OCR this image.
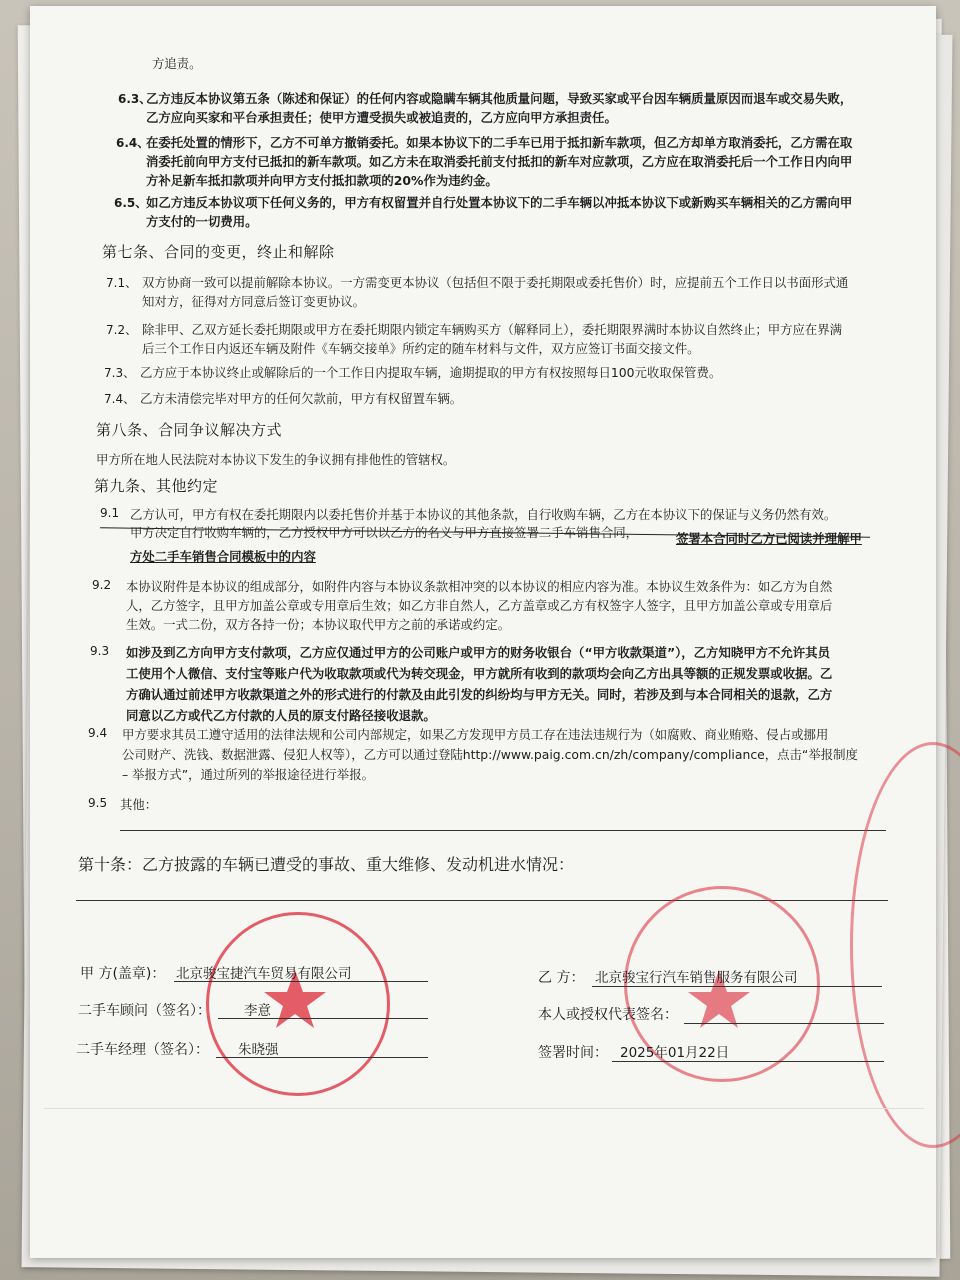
方追责。
6.3、
乙方违反本协议第五条（陈述和保证）的任何内容或隐瞒车辆其他质量问题，导致买家或平台因车辆质量原因而退车或交易失败，
乙方应向买家和平台承担责任；使甲方遭受损失或被追责的，乙方应向甲方承担责任。
6.4、
在委托处置的情形下，乙方不可单方撤销委托。如果本协议下的二手车已用于抵扣新车款项，但乙方却单方取消委托，乙方需在取
消委托前向甲方支付已抵扣的新车款项。如乙方未在取消委托前支付抵扣的新车对应款项，乙方应在取消委托后一个工作日内向甲
方补足新车抵扣款项并向甲方支付抵扣款项的20%作为违约金。
6.5、
如乙方违反本协议项下任何义务的，甲方有权留置并自行处置本协议下的二手车辆以冲抵本协议下或新购买车辆相关的乙方需向甲
方支付的一切费用。
第七条、合同的变更，终止和解除
7.1、 双方协商一致可以提前解除本协议。一方需变更本协议（包括但不限于委托期限或委托售价）时，应提前五个工作日以书面形式通
知对方，征得对方同意后签订变更协议。
7.2、 除非甲、乙双方延长委托期限或甲方在委托期限内锁定车辆购买方（解释同上），委托期限界满时本协议自然终止；甲方应在界满
后三个工作日内返还车辆及附件《车辆交接单》所约定的随车材料与文件，双方应签订书面交接文件。
7.3、 乙方应于本协议终止或解除后的一个工作日内提取车辆，逾期提取的甲方有权按照每日100元收取保管费。
7.4、 乙方未清偿完毕对甲方的任何欠款前，甲方有权留置车辆。
第八条、合同争议解决方式
甲方所在地人民法院对本协议下发生的争议拥有排他性的管辖权。
第九条、其他约定
9.1 乙方认可，甲方有权在委托期限内以委托售价并基于本协议的其他条款，自行收购车辆，乙方在本协议下的保证与义务仍然有效。
甲方决定自行收购车辆的，乙方授权甲方可以以乙方的名义与甲方直接签署二手车销售合同，	签署本合同时乙方已阅读并理解甲
方处二手车销售合同模板中的内容
9.2 本协议附件是本协议的组成部分，如附件内容与本协议条款相冲突的以本协议的相应内容为准。本协议生效条件为：如乙方为自然
人，乙方签字，且甲方加盖公章或专用章后生效；如乙方非自然人，乙方盖章或乙方有权签字人签字，且甲方加盖公章或专用章后
生效。一式二份，双方各持一份；本协议取代甲方之前的承诺或约定。
9.3 如涉及到乙方向甲方支付款项，乙方应仅通过甲方的公司账户或甲方的财务收银台（“甲方收款渠道”），乙方知晓甲方不允许其员
工使用个人微信、支付宝等账户代为收取款项或代为转交现金，甲方就所有收到的款项均会向乙方出具等额的正规发票或收据。乙
方确认通过前述甲方收款渠道之外的形式进行的付款及由此引发的纠纷均与甲方无关。同时，若涉及到与本合同相关的退款，乙方
同意以乙方或代乙方付款的人员的原支付路径接收退款。
9.4 甲方要求其员工遵守适用的法律法规和公司内部规定，如果乙方发现甲方员工存在违法违规行为（如腐败、商业贿赂、侵占或挪用
公司财产、洗钱、数据泄露、侵犯人权等），乙方可以通过登陆http://www.paig.com.cn/zh/company/compliance，点击“举报制度
– 举报方式”，通过所列的举报途径进行举报。
9.5 其他：
第十条：乙方披露的车辆已遭受的事故、重大维修、发动机进水情况：
甲 方(盖章)： 北京骏宝捷汽车贸易有限公司
二手车顾问（签名）： 李意
二手车经理（签名）： 朱晓强
乙 方： 北京骏宝行汽车销售服务有限公司
本人或授权代表签名：
签署时间： 2025年01月22日
